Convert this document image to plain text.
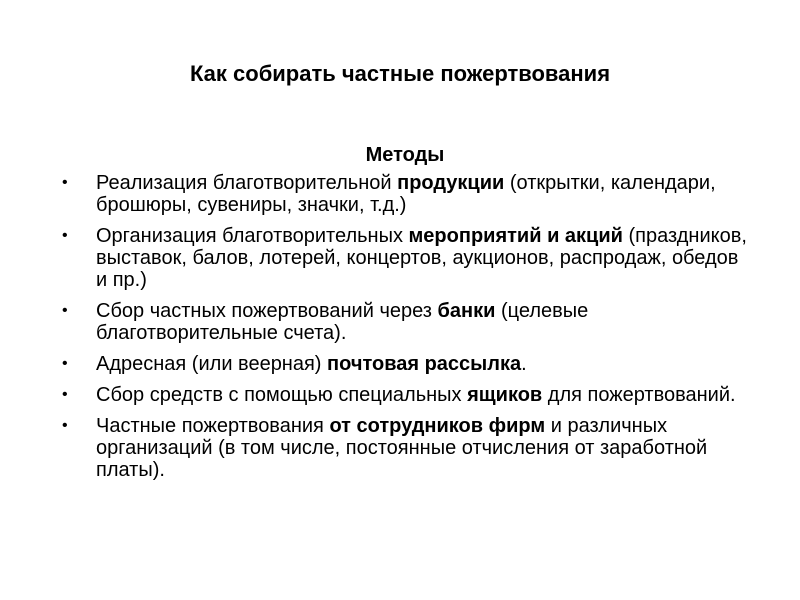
Как собирать частные пожертвования
Методы
•	Реализация благотворительной продукции (открытки, календари, брошюры, сувениры, значки, т.д.)
•	Организация благотворительных мероприятий и акций (праздников, выставок, балов, лотерей, концертов, аукционов, распродаж, обедов и пр.)
•	Сбор частных пожертвований через банки (целевые благотворительные счета).
•	Адресная (или веерная) почтовая рассылка.
•	Сбор средств с помощью специальных ящиков для пожертвований.
•	Частные пожертвования от сотрудников фирм и различных организаций (в том числе, постоянные отчисления от заработной платы).
